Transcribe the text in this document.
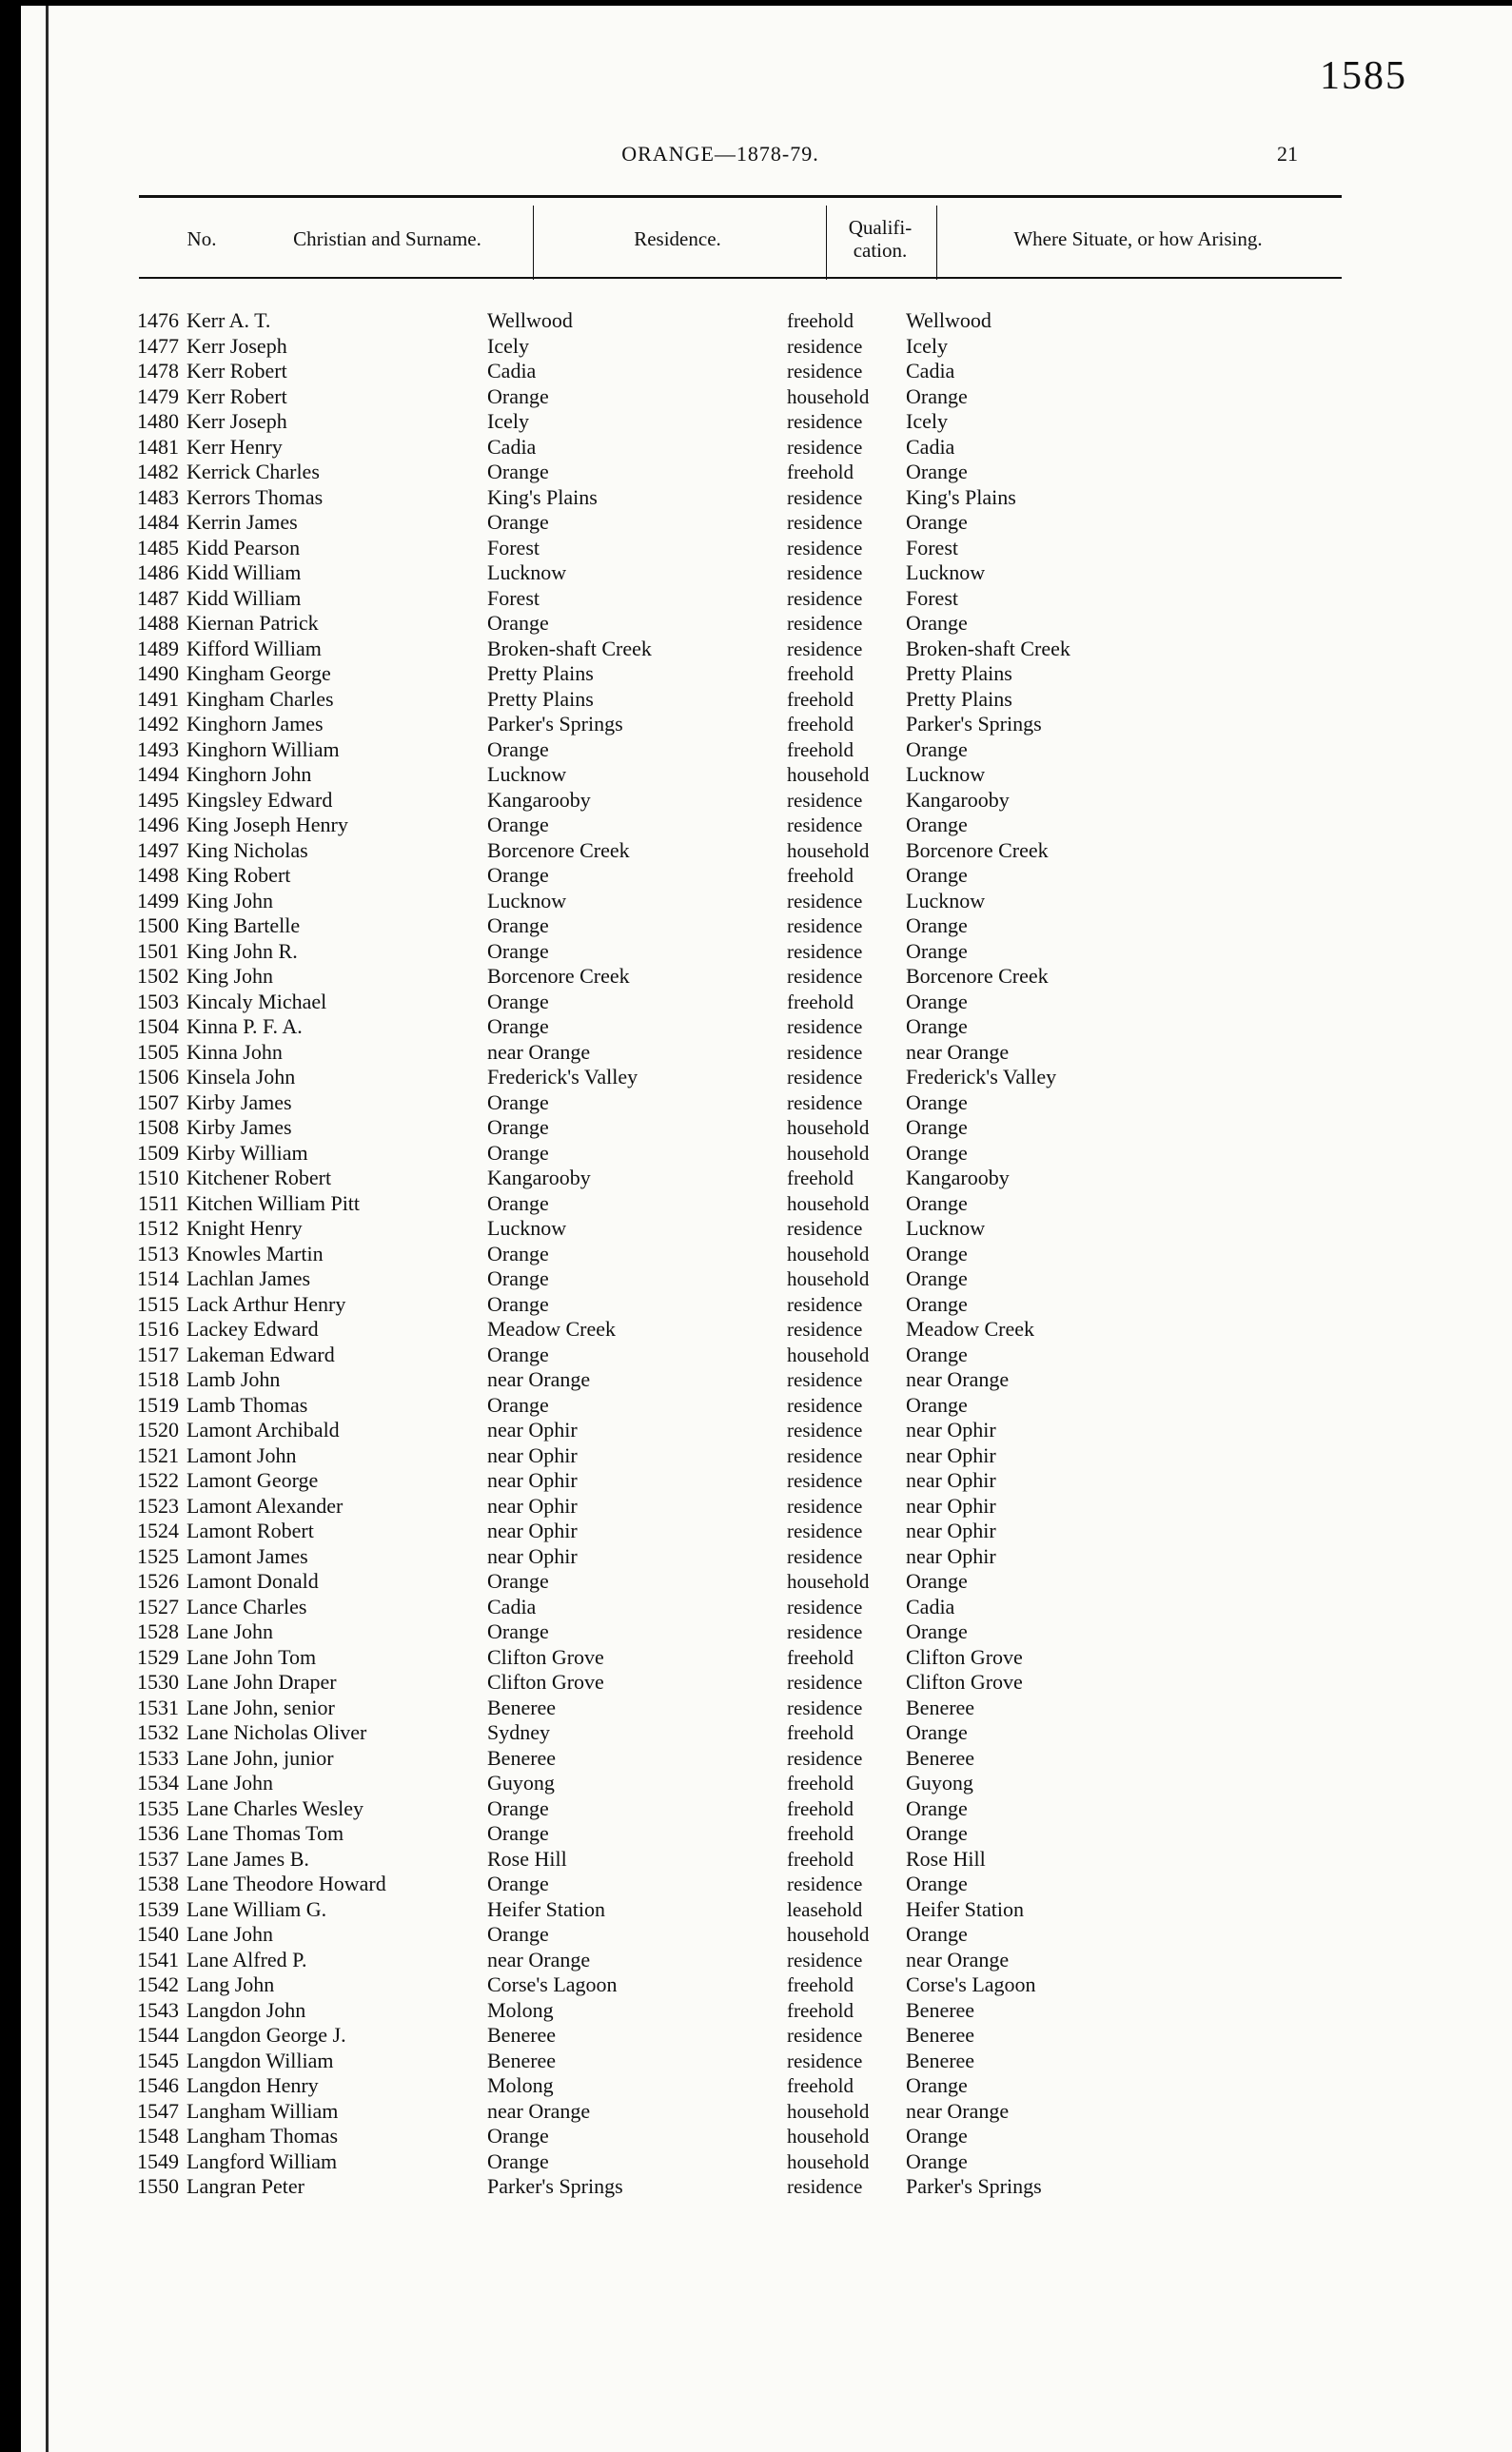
1585
ORANGE—1878-79.	21
No.	Christian and Surname.	Residence.
Qualifi-
cation.
Where Situate, or how Arising.
1476 Kerr A. T.	Wellwood	freehold	Wellwood
1477 Kerr Joseph	Icely	residence Icely
1478 Kerr Robert	Cadia	residence Cadia
1479 Kerr Robert	Orange	household Orange
1480 Kerr Joseph	Icely	residence Icely
1481 Kerr Henry	Cadia	residence Cadia
1482 Kerrick Charles	Orange	freehold	Orange
1483 Kerrors Thomas	King's Plains	residence King's Plains
1484 Kerrin James	Orange	residence Orange
1485 Kidd Pearson	Forest	residence Forest
1486 Kidd William	Lucknow	residence Lucknow
1487 Kidd William	Forest	residence Forest
1488 Kiernan Patrick	Orange	residence Orange
1489 Kifford William	Broken-shaft Creek	residence Broken-shaft Creek
1490 Kingham George	Pretty Plains	freehold	Pretty Plains
1491 Kingham Charles	Pretty Plains	freehold	Pretty Plains
1492 Kinghorn James	Parker's Springs	freehold	Parker's Springs
1493 Kinghorn William	Orange	freehold	Orange
1494 Kinghorn John	Lucknow	household Lucknow
1495 Kingsley Edward	Kangarooby	residence Kangarooby
1496 King Joseph Henry	Orange	residence Orange
1497 King Nicholas	Borcenore Creek	household Borcenore Creek
1498 King Robert	Orange	freehold	Orange
1499 King John	Lucknow	residence Lucknow
1500 King Bartelle	Orange	residence Orange
1501 King John R.	Orange	residence Orange
1502 King John	Borcenore Creek	residence Borcenore Creek
1503 Kincaly Michael	Orange	freehold	Orange
1504 Kinna P. F. A.	Orange	residence Orange
1505 Kinna John	near Orange	residence near Orange
1506 Kinsela John	Frederick's Valley	residence Frederick's Valley
1507 Kirby James	Orange	residence Orange
1508 Kirby James	Orange	household Orange
1509 Kirby William	Orange	household Orange
1510 Kitchener Robert	Kangarooby	freehold	Kangarooby
1511 Kitchen William Pitt	Orange	household Orange
1512 Knight Henry	Lucknow	residence Lucknow
1513 Knowles Martin	Orange	household Orange
1514 Lachlan James	Orange	household Orange
1515 Lack Arthur Henry	Orange	residence Orange
1516 Lackey Edward	Meadow Creek	residence Meadow Creek
1517 Lakeman Edward	Orange	household Orange
1518 Lamb John	near Orange	residence near Orange
1519 Lamb Thomas	Orange	residence Orange
1520 Lamont Archibald	near Ophir	residence near Ophir
1521 Lamont John	near Ophir	residence near Ophir
1522 Lamont George	near Ophir	residence near Ophir
1523 Lamont Alexander	near Ophir	residence near Ophir
1524 Lamont Robert	near Ophir	residence near Ophir
1525 Lamont James	near Ophir	residence near Ophir
1526 Lamont Donald	Orange	household Orange
1527 Lance Charles	Cadia	residence Cadia
1528 Lane John	Orange	residence Orange
1529 Lane John Tom	Clifton Grove	freehold	Clifton Grove
1530 Lane John Draper	Clifton Grove	residence Clifton Grove
1531 Lane John, senior	Beneree	residence Beneree
1532 Lane Nicholas Oliver	Sydney	freehold	Orange
1533 Lane John, junior	Beneree	residence Beneree
1534 Lane John	Guyong	freehold	Guyong
1535 Lane Charles Wesley	Orange	freehold	Orange
1536 Lane Thomas Tom	Orange	freehold	Orange
1537 Lane James B.	Rose Hill	freehold	Rose Hill
1538 Lane Theodore Howard	Orange	residence Orange
1539 Lane William G.	Heifer Station	leasehold Heifer Station
1540 Lane John	Orange	household Orange
1541 Lane Alfred P.	near Orange	residence near Orange
1542 Lang John	Corse's Lagoon	freehold	Corse's Lagoon
1543 Langdon John	Molong	freehold	Beneree
1544 Langdon George J.	Beneree	residence Beneree
1545 Langdon William	Beneree	residence Beneree
1546 Langdon Henry	Molong	freehold	Orange
1547 Langham William	near Orange	household near Orange
1548 Langham Thomas	Orange	household Orange
1549 Langford William	Orange	household Orange
1550 Langran Peter	Parker's Springs	residence Parker's Springs
